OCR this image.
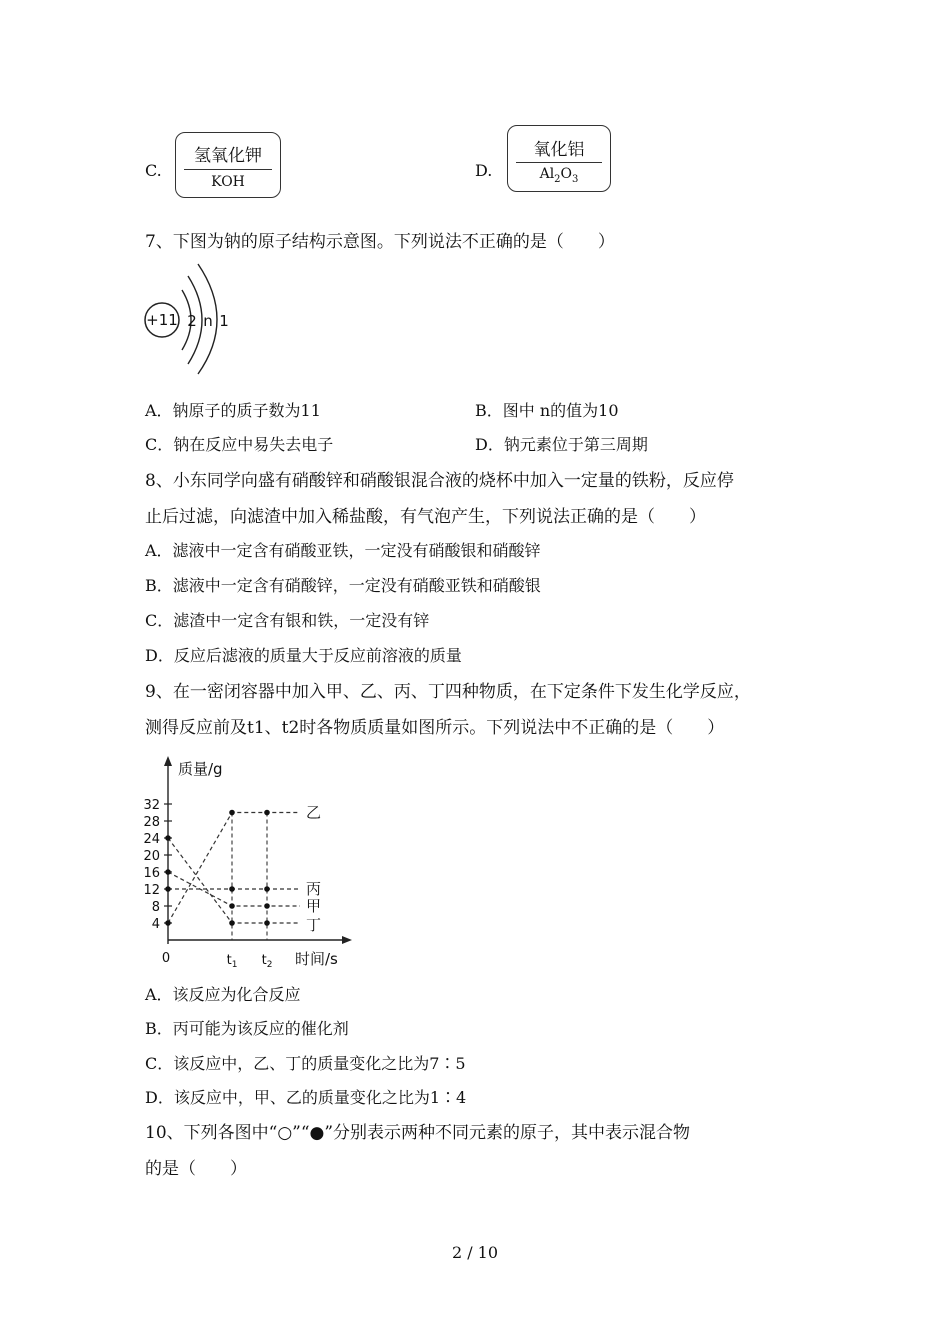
C.
氢氧化钾
KOH
D.
氧化铝
$Al_2O_3$
7、下图为钠的原子结构示意图。下列说法不正确的是（　　）
+11 2 n 1
A．钠原子的质子数为11	B．图中 n的值为10
C．钠在反应中易失去电子	D．钠元素位于第三周期
8、小东同学向盛有硝酸锌和硝酸银混合液的烧杯中加入一定量的铁粉，反应停
止后过滤，向滤渣中加入稀盐酸，有气泡产生，下列说法正确的是（　　）
A．滤液中一定含有硝酸亚铁，一定没有硝酸银和硝酸锌
B．滤液中一定含有硝酸锌，一定没有硝酸亚铁和硝酸银
C．滤渣中一定含有银和铁，一定没有锌
D．反应后滤液的质量大于反应前溶液的质量
9、在一密闭容器中加入甲、乙、丙、丁四种物质，在下定条件下发生化学反应，
测得反应前及t1、t2时各物质质量如图所示。下列说法中不正确的是（　　）
质量/g
时间/s
0	$t_1$ $t_2$
4
8
12
16
20
24
28
32	乙
丙
甲
丁
A．该反应为化合反应
B．丙可能为该反应的催化剂
C．该反应中，乙、丁的质量变化之比为7∶5
D．该反应中，甲、乙的质量变化之比为1∶4
10、下列各图中“○”“●”分别表示两种不同元素的原子，其中表示混合物
的是（　　）
2 / 10
